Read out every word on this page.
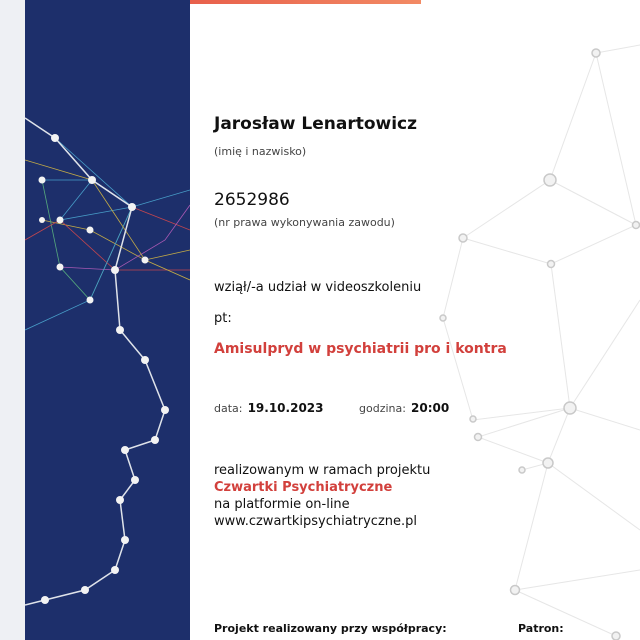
Jarosław Lenartowicz
(imię i nazwisko)
2652986
(nr prawa wykonywania zawodu)
wziął/-a udział w videoszkoleniu
pt:
Amisulpryd w psychiatrii pro i kontra
data: 19.10.2023	godzina: 20:00
realizowanym w ramach projektu
Czwartki Psychiatryczne
na platformie on-line
www.czwartkipsychiatryczne.pl
Projekt realizowany przy współpracy:	Patron:
